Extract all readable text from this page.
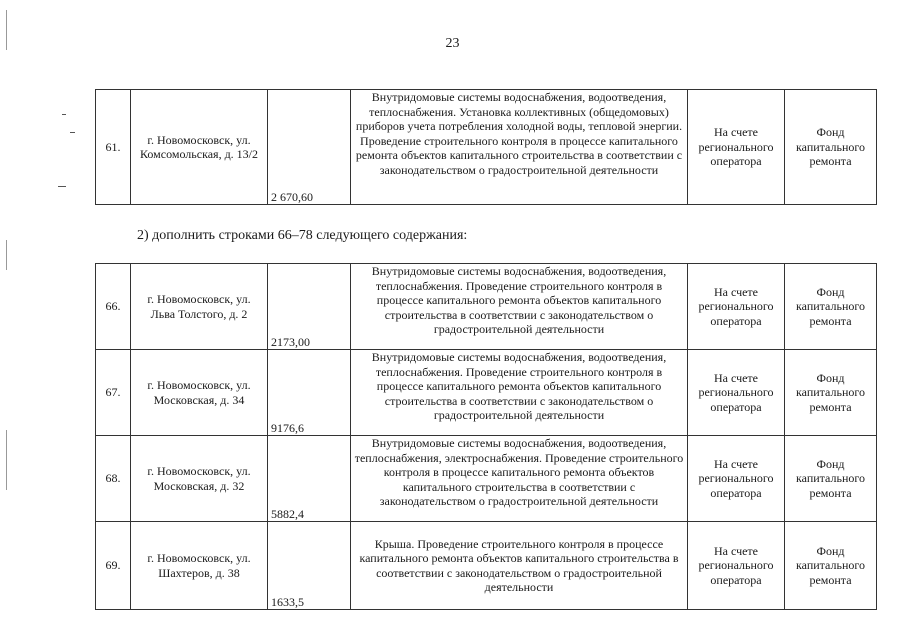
23
61.	г. Новомосковск, ул. Комсомольская, д. 13/2	2 670,60	Внутридомовые системы водоснабжения, водоотведения, теплоснабжения. Установка коллективных (общедомовых) приборов учета потребления холодной воды, тепловой энергии. Проведение строительного контроля в процессе капитального ремонта объектов капитального строительства в соответствии с законодательством о градостроительной деятельности	На счете регионального оператора	Фонд капитального ремонта
2) дополнить строками 66–78 следующего содержания:
66.	г. Новомосковск, ул. Льва Толстого, д. 2	2173,00	Внутридомовые системы водоснабжения, водоотведения, теплоснабжения. Проведение строительного контроля в процессе капитального ремонта объектов капитального строительства в соответствии с законодательством о градостроительной деятельности	На счете регионального оператора	Фонд капитального ремонта
67.	г. Новомосковск, ул. Московская, д. 34	9176,6	Внутридомовые системы водоснабжения, водоотведения, теплоснабжения. Проведение строительного контроля в процессе капитального ремонта объектов капитального строительства в соответствии с законодательством о градостроительной деятельности	На счете регионального оператора	Фонд капитального ремонта
68.	г. Новомосковск, ул. Московская, д. 32	5882,4	Внутридомовые системы водоснабжения, водоотведения, теплоснабжения, электроснабжения. Проведение строительного контроля в процессе капитального ремонта объектов капитального строительства в соответствии с законодательством о градостроительной деятельности	На счете регионального оператора	Фонд капитального ремонта
69.	г. Новомосковск, ул. Шахтеров, д. 38	1633,5	Крыша. Проведение строительного контроля в процессе капитального ремонта объектов капитального строительства в соответствии с законодательством о градостроительной деятельности	На счете регионального оператора	Фонд капитального ремонта
